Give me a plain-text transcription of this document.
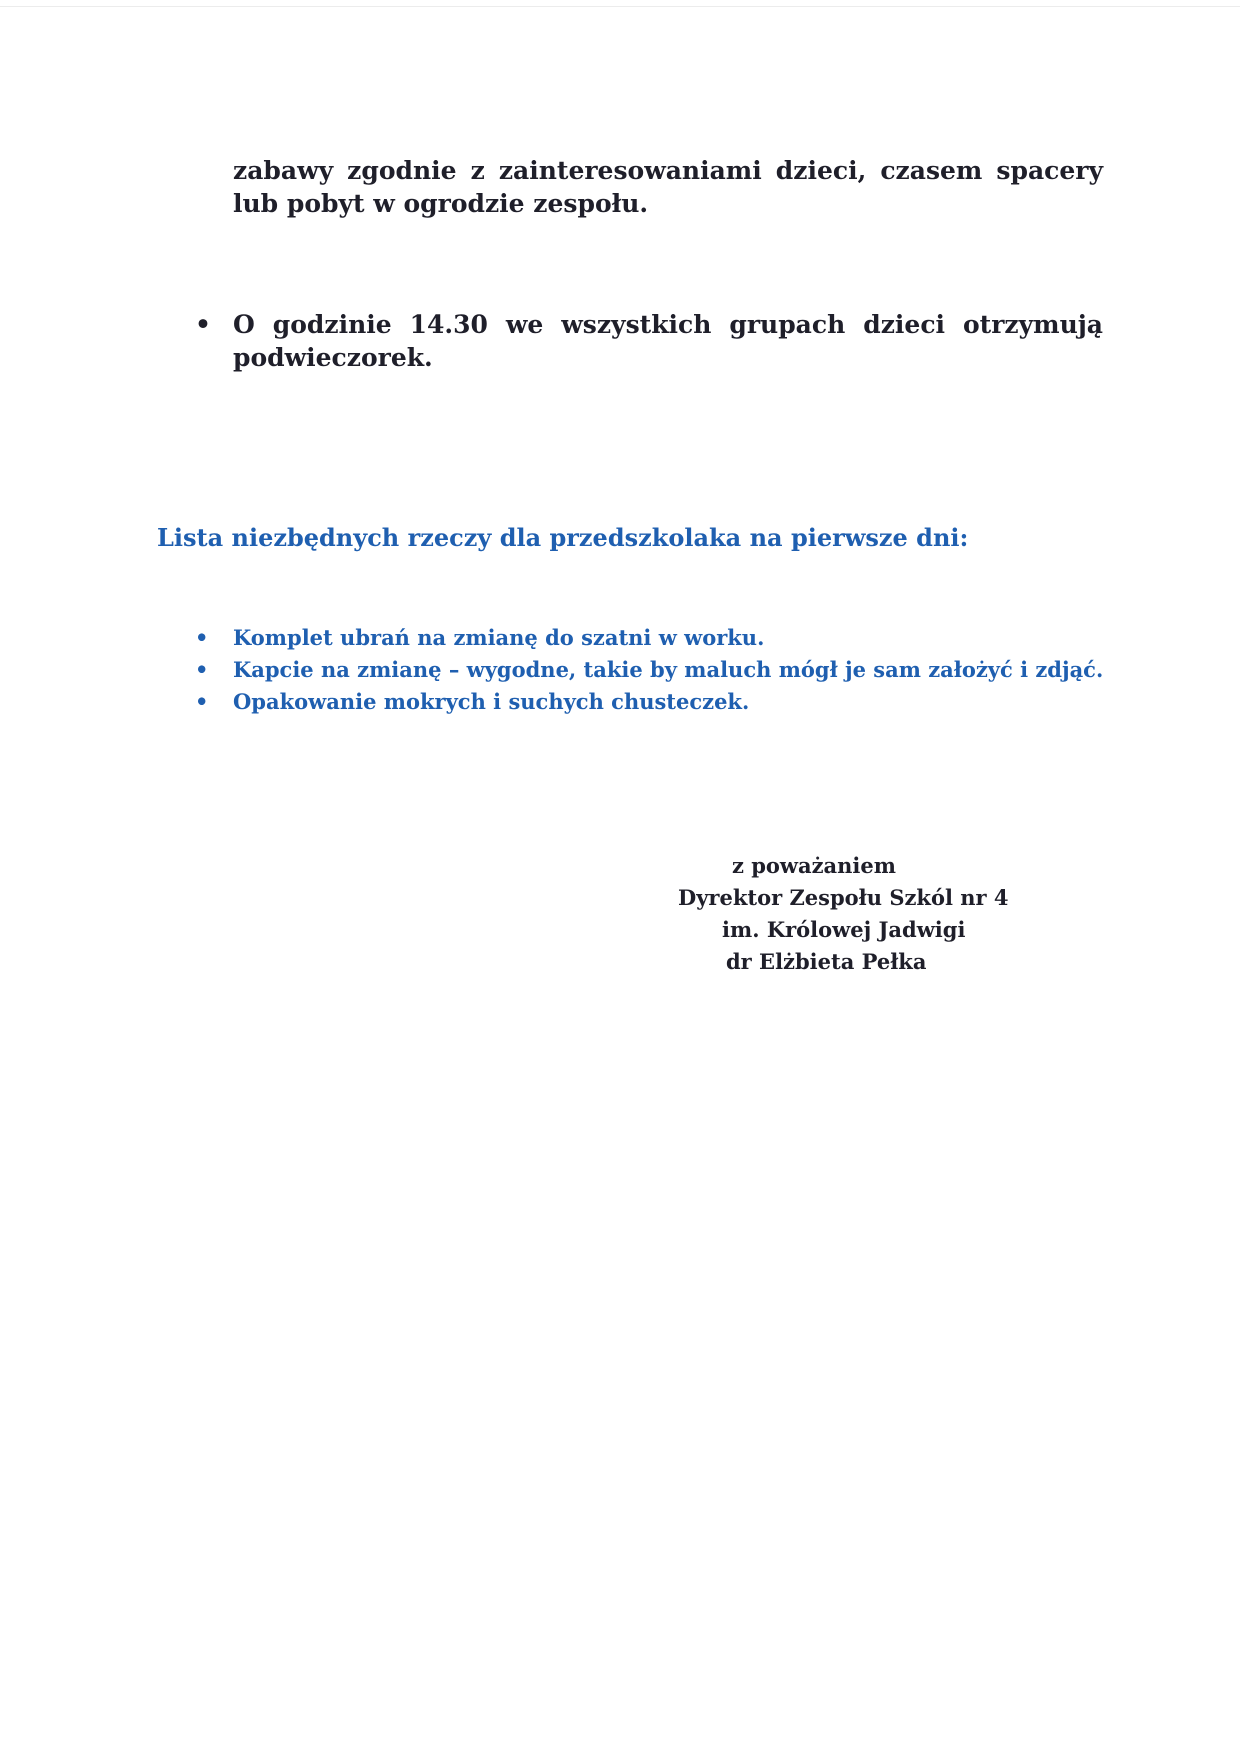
zabawy zgodnie z zainteresowaniami dzieci, czasem spacery lub pobyt w ogrodzie zespołu.

• O godzinie 14.30 we wszystkich grupach dzieci otrzymują podwieczorek.
Lista niezbędnych rzeczy dla przedszkolaka na pierwsze dni:
• Komplet ubrań na zmianę do szatni w worku.
• Kapcie na zmianę – wygodne, takie by maluch mógł je sam założyć i zdjąć.
• Opakowanie mokrych i suchych chusteczek.
z poważaniem
Dyrektor Zespołu Szkól nr 4
im. Królowej Jadwigi
dr Elżbieta Pełka
